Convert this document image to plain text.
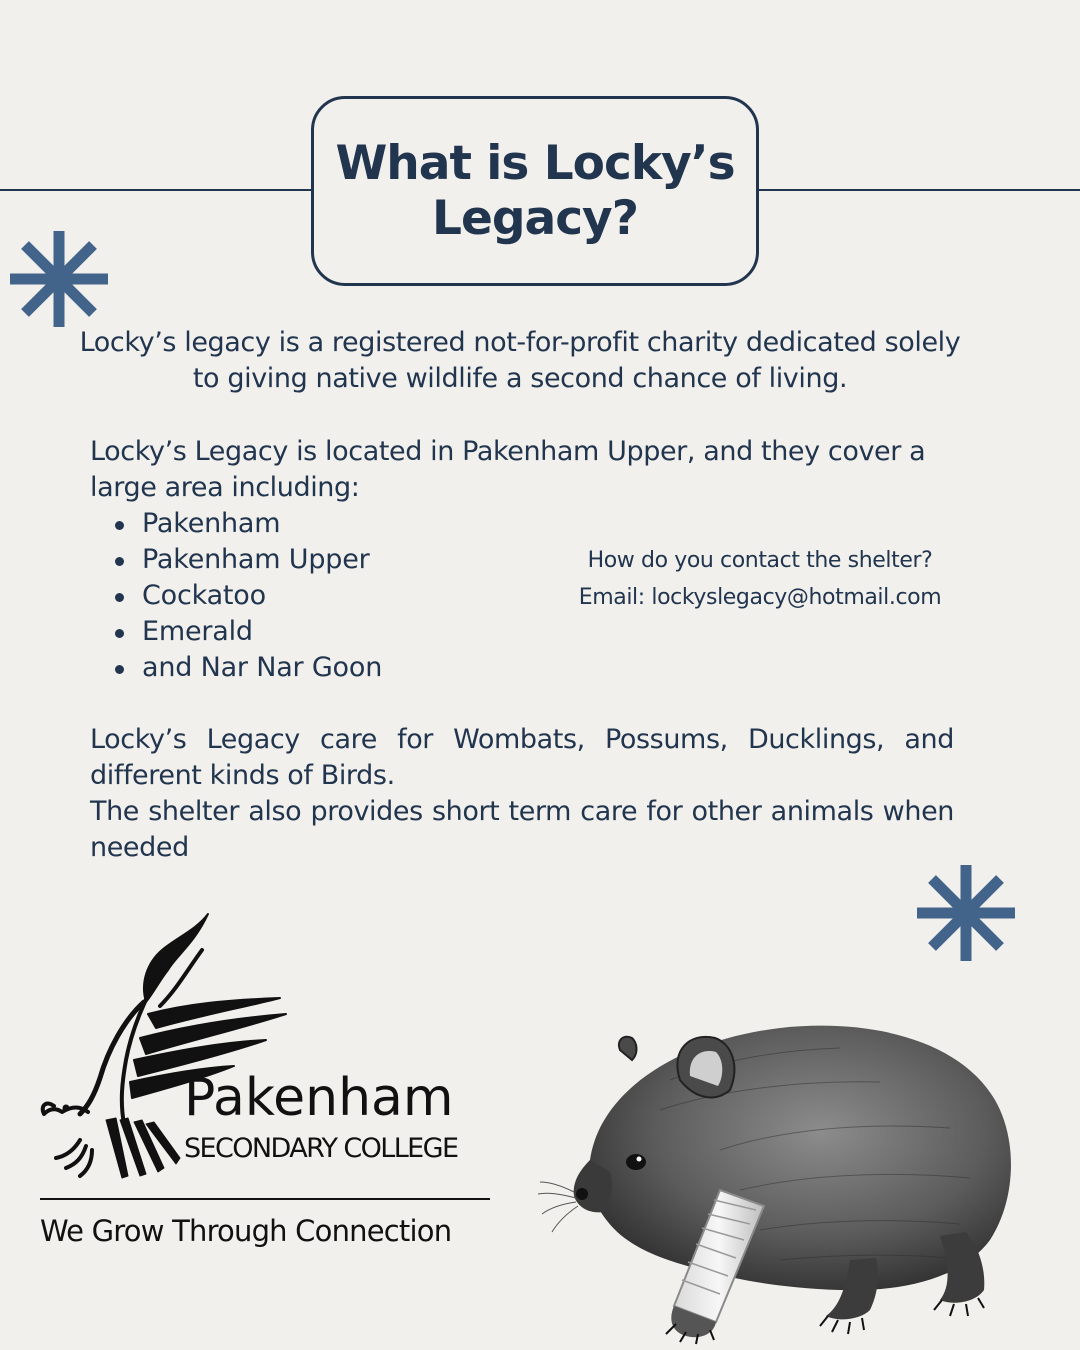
What is Locky’s Legacy?

Locky’s legacy is a registered not-for-profit charity dedicated solely to giving native wildlife a second chance of living.

Locky’s Legacy is located in Pakenham Upper, and they cover a large area including:

Pakenham
Pakenham Upper
Cockatoo
Emerald
and Nar Nar Goon
How do you contact the shelter?
Email: lockyslegacy@hotmail.com
Locky’s Legacy care for Wombats, Possums, Ducklings, and different kinds of Birds.
The shelter also provides short term care for other animals when needed
Pakenham
SECONDARY COLLEGE
We Grow Through Connection
